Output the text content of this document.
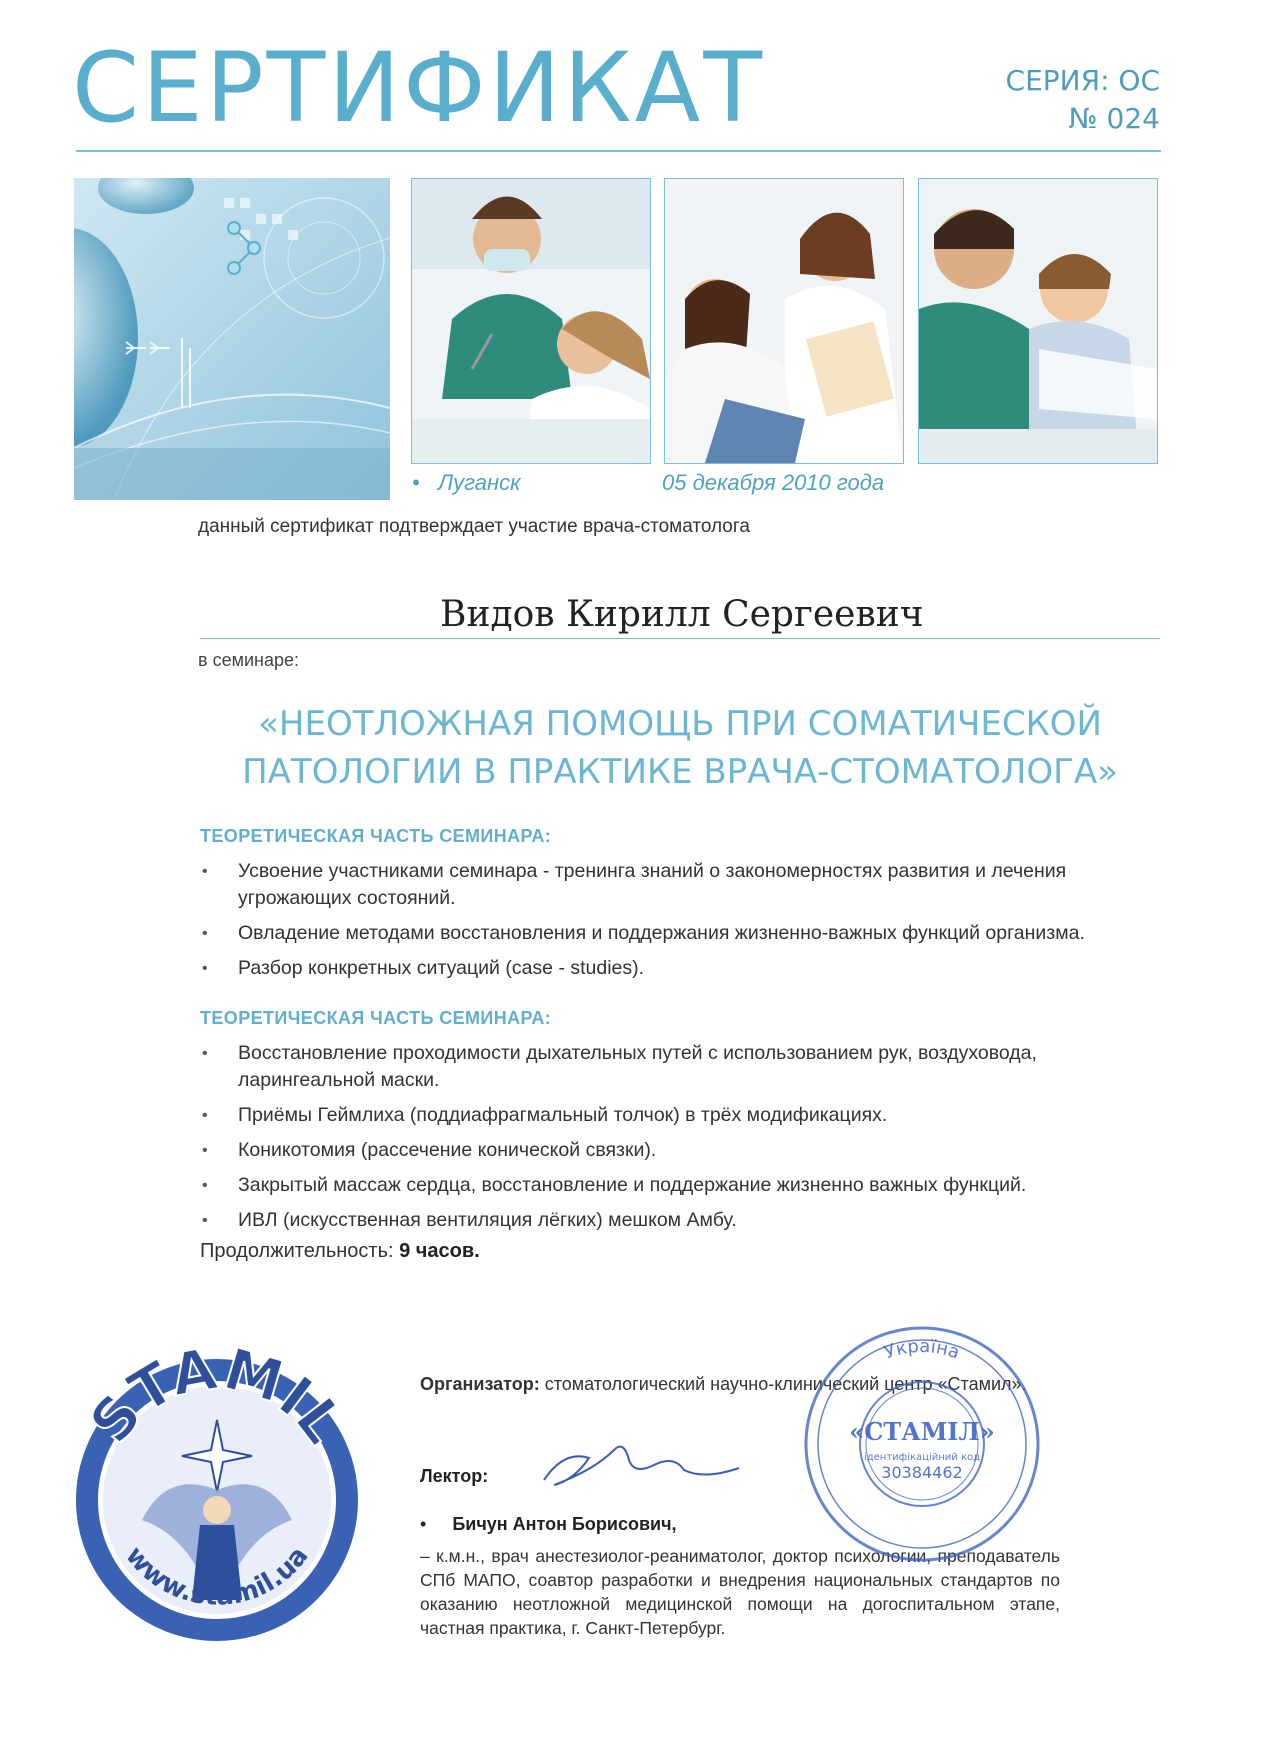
СЕРТИФИКАТ	СЕРИЯ: ОС
№ 024
•   Луганск	05 декабря 2010 года
данный сертификат подтверждает участие врача-стоматолога
Видов Кирилл Сергеевич
в семинаре:
«НЕОТЛОЖНАЯ ПОМОЩЬ ПРИ СОМАТИЧЕСКОЙ
ПАТОЛОГИИ В ПРАКТИКЕ ВРАЧА-СТОМАТОЛОГА»
ТЕОРЕТИЧЕСКАЯ ЧАСТЬ СЕМИНАРА:
• Усвоение участниками семинара - тренинга знаний о закономерностях развития и лечения угрожающих состояний.
• Овладение методами восстановления и поддержания жизненно-важных функций организма.
• Разбор конкретных ситуаций (case - studies).
ТЕОРЕТИЧЕСКАЯ ЧАСТЬ СЕМИНАРА:
• Восстановление проходимости дыхательных путей с использованием рук, воздуховода, ларингеальной маски.
• Приёмы Геймлиха (поддиафрагмальный толчок) в трёх модификациях.
• Коникотомия (рассечение конической связки).
• Закрытый массаж сердца, восстановление и поддержание жизненно важных функций.
• ИВЛ (искусственная вентиляция лёгких) мешком Амбу.
Продолжительность: 9 часов.
STAMIL
www.stamil.ua
Организатор: стоматологический научно-клинический центр «Стамил».
Лектор:
• Бичун Антон Борисович,
– к.м.н., врач анестезиолог-реаниматолог, доктор психологии, преподаватель СПб МАПО, соавтор разработки и внедрения национальных стандартов по оказанию неотложной медицинской помощи на догоспитальном этапе, частная практика, г. Санкт-Петербург.
Україна
«СТАМІЛ»
ідентифікаційний код
30384462
